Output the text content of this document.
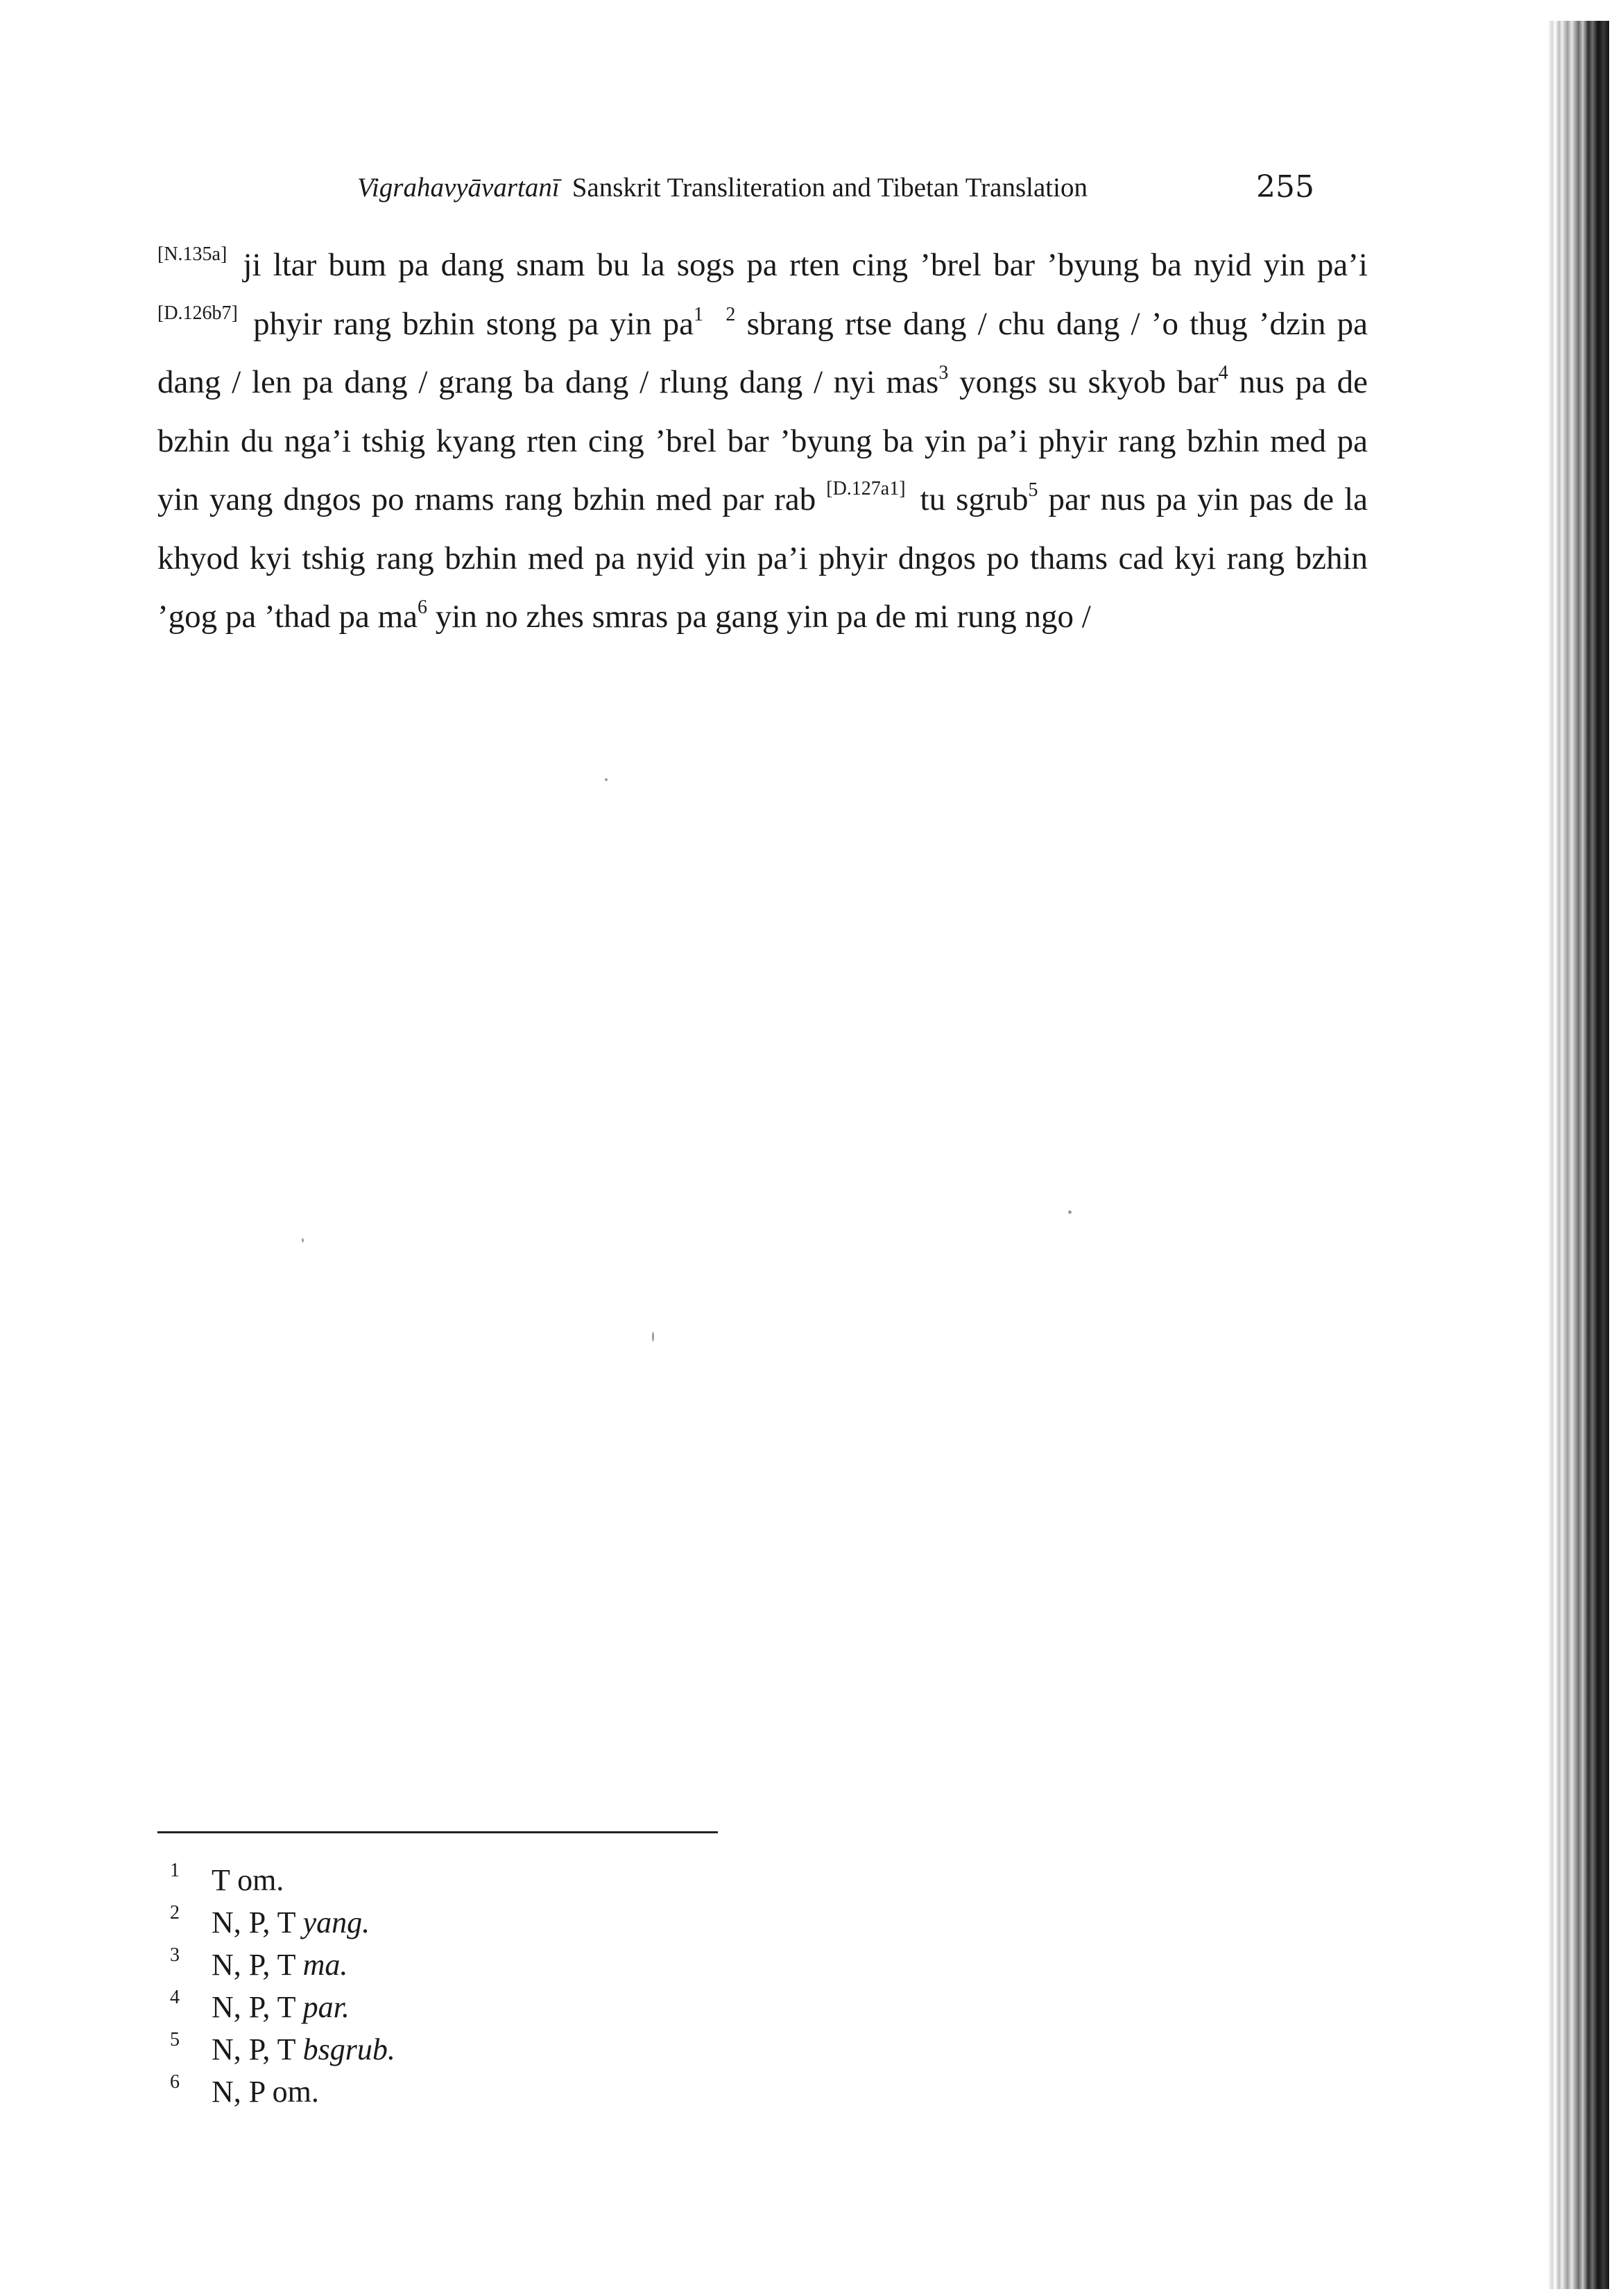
Vigrahavyāvartanī Sanskrit Transliteration and Tibetan Translation	255
[N.135a] ji ltar bum pa dang snam bu la sogs pa rten cing ’brel bar ’byung ba nyid yin pa’i [D.126b7] phyir rang bzhin stong pa yin $pa^1$ $^2$ sbrang rtse dang / chu dang / ’o thug ’dzin pa dang / len pa dang / grang ba dang / rlung dang / nyi mas$^3$ yongs su skyob bar$^4$ nus pa de bzhin du nga’i tshig kyang rten cing ’brel bar ’byung ba yin pa’i phyir rang bzhin med pa yin yang dngos po rnams rang bzhin med par rab [D.127a1] tu sgrub$^5$ par nus pa yin pas de la khyod kyi tshig rang bzhin med pa nyid yin pa’i phyir dngos po thams cad kyi rang bzhin ’gog pa ’thad pa $ma^6$ yin no zhes smras pa gang yin pa de mi rung ngo /
1 T om.
2 N, P, T yang.
3 N, P, T ma.
4 N, P, T par.
5 N, P, T bsgrub.
6 N, P om.
